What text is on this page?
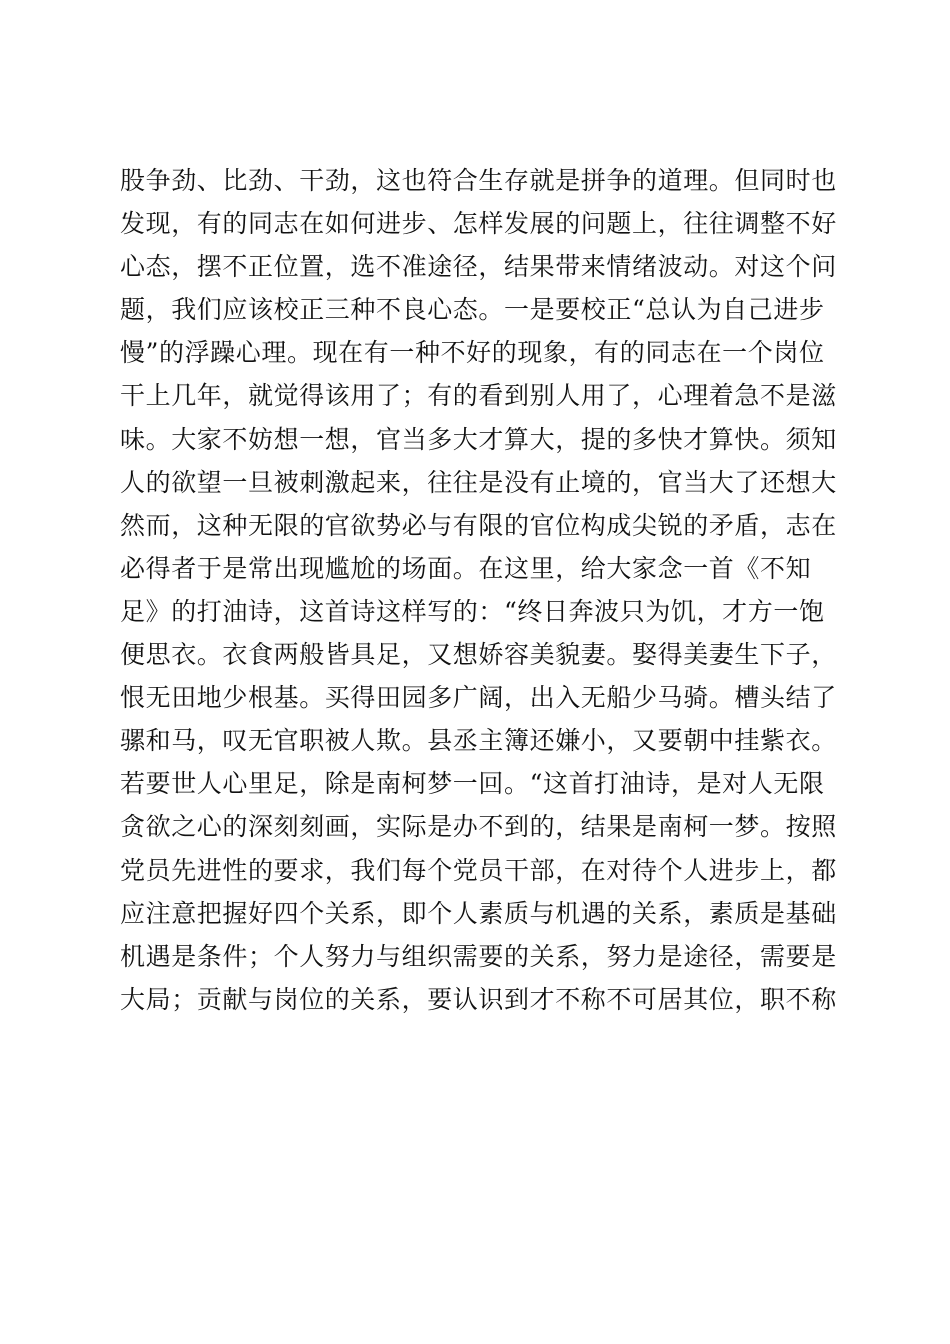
股争劲、比劲、干劲，这也符合生存就是拼争的道理。但同时也
发现，有的同志在如何进步、怎样发展的问题上，往往调整不好
心态，摆不正位置，选不准途径，结果带来情绪波动。对这个问
题，我们应该校正三种不良心态。一是要校正“总认为自己进步
慢”的浮躁心理。现在有一种不好的现象，有的同志在一个岗位
干上几年，就觉得该用了；有的看到别人用了，心理着急不是滋
味。大家不妨想一想，官当多大才算大，提的多快才算快。须知
人的欲望一旦被刺激起来，往往是没有止境的，官当大了还想大
然而，这种无限的官欲势必与有限的官位构成尖锐的矛盾，志在
必得者于是常出现尴尬的场面。在这里，给大家念一首《不知
足》的打油诗，这首诗这样写的：“终日奔波只为饥，才方一饱
便思衣。衣食两般皆具足，又想娇容美貌妻。娶得美妻生下子，
恨无田地少根基。买得田园多广阔，出入无船少马骑。槽头结了
骡和马，叹无官职被人欺。县丞主簿还嫌小，又要朝中挂紫衣。
若要世人心里足，除是南柯梦一回。“这首打油诗，是对人无限
贪欲之心的深刻刻画，实际是办不到的，结果是南柯一梦。按照
党员先进性的要求，我们每个党员干部，在对待个人进步上，都
应注意把握好四个关系，即个人素质与机遇的关系，素质是基础
机遇是条件；个人努力与组织需要的关系，努力是途径，需要是
大局；贡献与岗位的关系，要认识到才不称不可居其位，职不称
